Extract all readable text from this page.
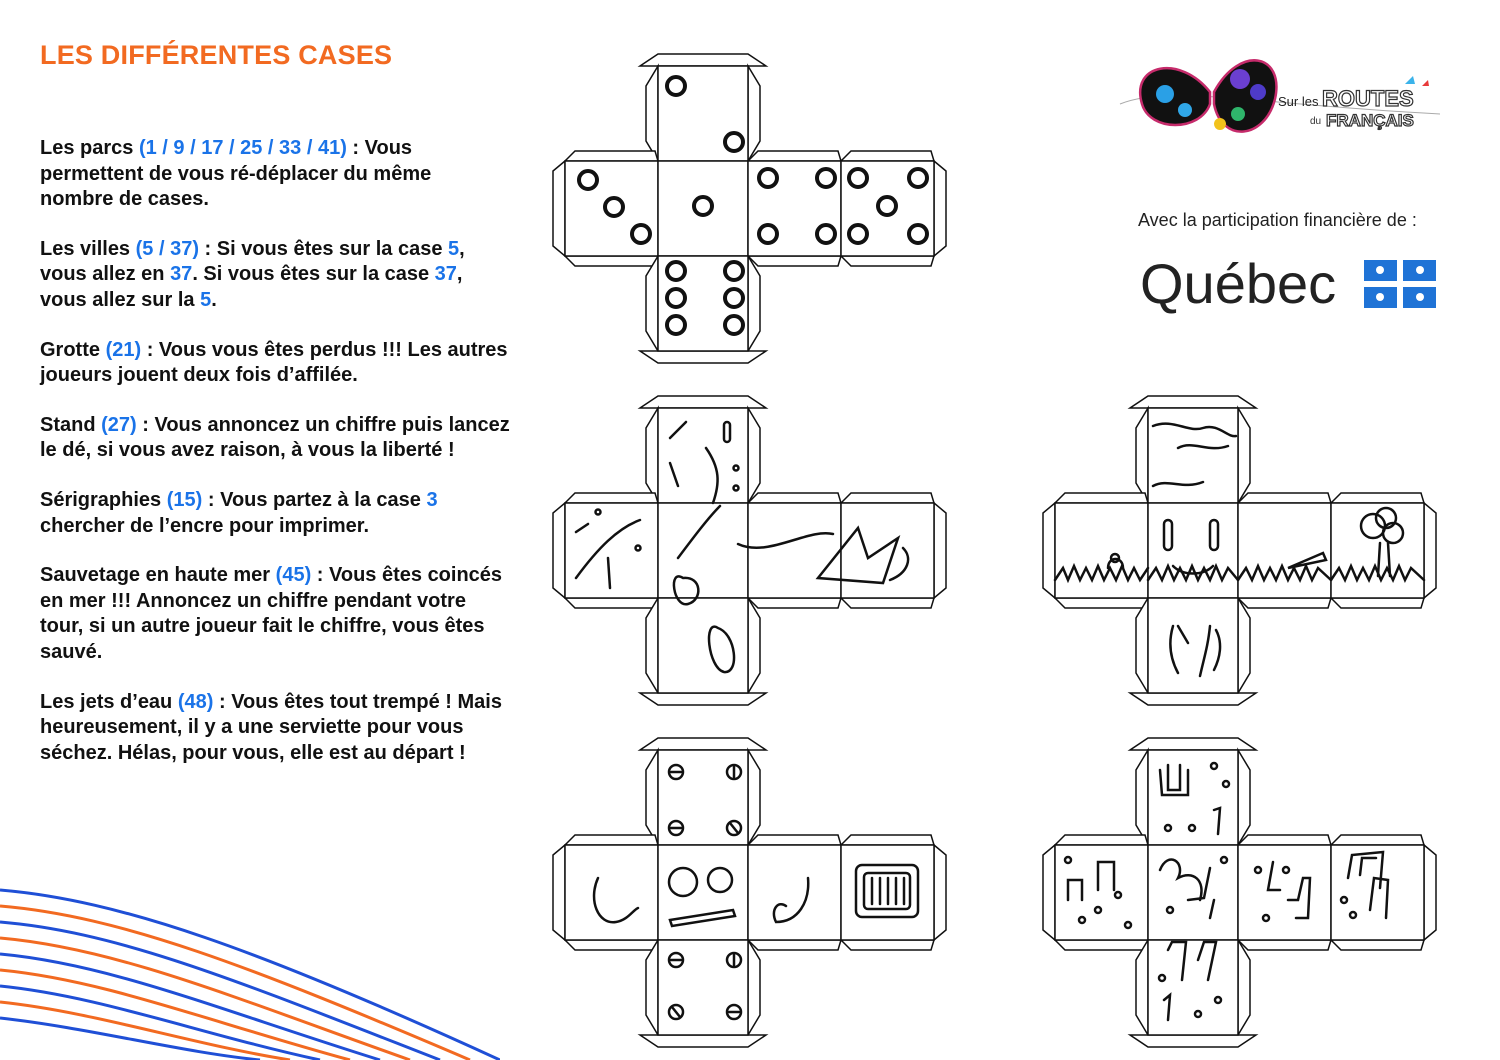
LES DIFFÉRENTES CASES

Les parcs (1 / 9 / 17 / 25 / 33 / 41) : Vous permettent de vous ré-déplacer du même nombre de cases.

Les villes (5 / 37) : Si vous êtes sur la case 5, vous allez en 37. Si vous êtes sur la case 37, vous allez sur la 5.

Grotte (21) : Vous vous êtes perdus !!! Les autres joueurs jouent deux fois d’affilée.

Stand (27) : Vous annoncez un chiffre puis lancez le dé, si vous avez raison, à vous la liberté !

Sérigraphies (15) : Vous partez à la case 3 chercher de l’encre pour imprimer.

Sauvetage en haute mer (45) : Vous êtes coincés en mer !!! Annoncez un chiffre pendant votre tour, si un autre joueur fait le chiffre, vous êtes sauvé.

Les jets d’eau (48) : Vous êtes tout trempé ! Mais heureusement, il y a une serviette pour vous séchez. Hélas, pour vous, elle est au départ !

Sur les ROUTES
du FRANÇAIS

Avec la participation financière de :

Québec
